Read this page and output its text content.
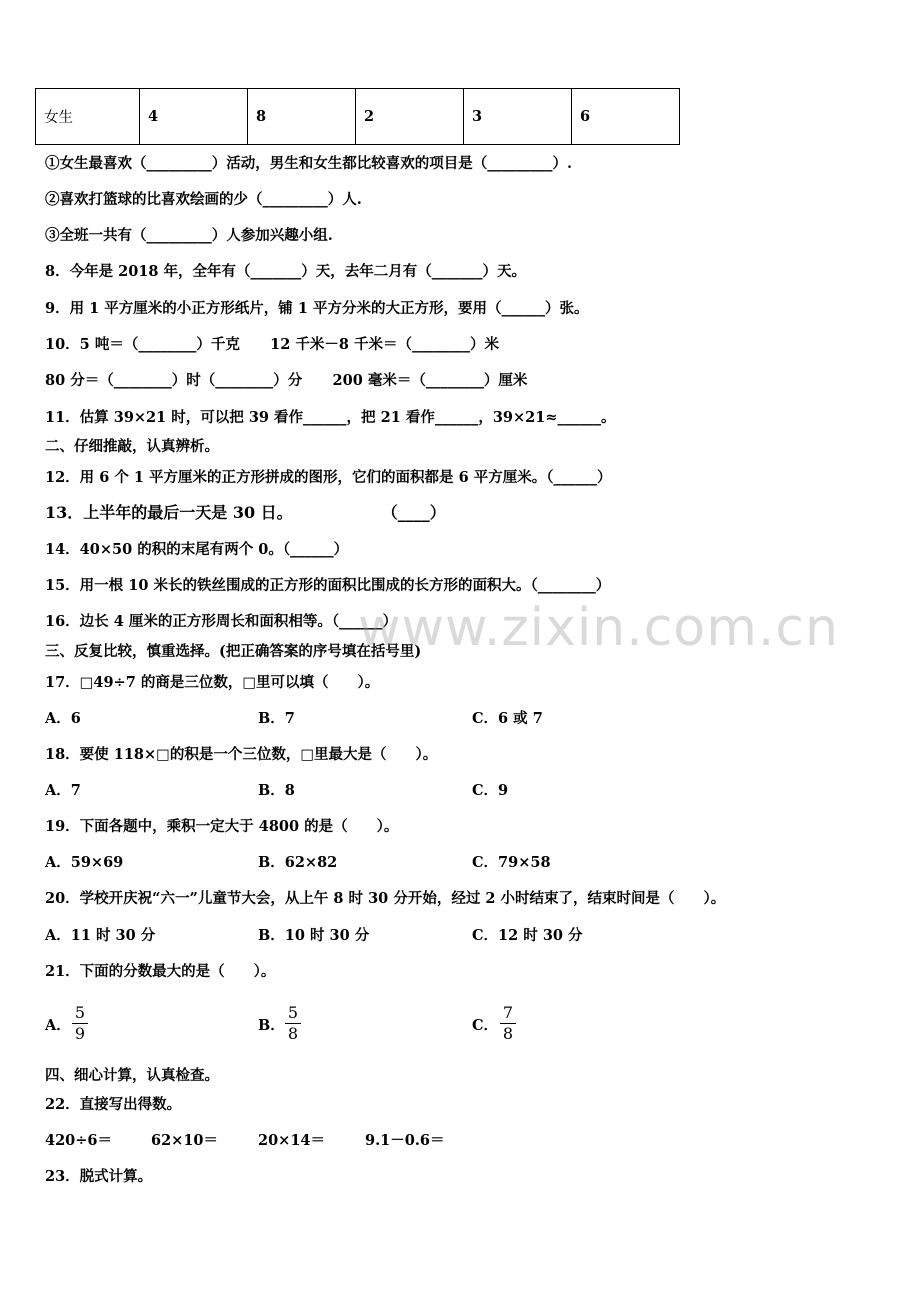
女生	4	8	2	3	6
①女生最喜欢（_________）活动，男生和女生都比较喜欢的项目是（_________）.
②喜欢打篮球的比喜欢绘画的少（_________）人.
③全班一共有（_________）人参加兴趣小组.
8．今年是 2018 年，全年有（_______）天，去年二月有（_______）天。
9．用 1 平方厘米的小正方形纸片，铺 1 平方分米的大正方形，要用（______）张。
10．5 吨＝（________）千克      12 千米－8 千米＝（________）米
80 分＝（________）时（________）分      200 毫米＝（________）厘米
11．估算 39×21 时，可以把 39 看作______，把 21 看作______，39×21≈______。
二、仔细推敲，认真辨析。
12．用 6 个 1 平方厘米的正方形拼成的图形，它们的面积都是 6 平方厘米。（______）
13．上半年的最后一天是 30 日。                （____）
14．40×50 的积的末尾有两个 0。（______）
15．用一根 10 米长的铁丝围成的正方形的面积比围成的长方形的面积大。（________）
16．边长 4 厘米的正方形周长和面积相等。（______）
三、反复比较，慎重选择。(把正确答案的序号填在括号里)
17．□49÷7 的商是三位数，□里可以填（　　）。
A．6	B．7	C．6 或 7
18．要使 118×□的积是一个三位数，□里最大是（　　）。
A．7	B．8	C．9
19．下面各题中，乘积一定大于 4800 的是（　　）。
A．59×69	B．62×82	C．79×58
20．学校开庆祝“六一”儿童节大会，从上午 8 时 30 分开始，经过 2 小时结束了，结束时间是（　　）。
A．11 时 30 分	B．10 时 30 分	C．12 时 30 分
21．下面的分数最大的是（　　）。
A．
5
9	B．
5
8	C．
7
8
四、细心计算，认真检查。
22．直接写出得数。
420÷6＝	62×10＝	20×14＝	9.1－0.6＝
23．脱式计算。
www.zixin.com.cn
